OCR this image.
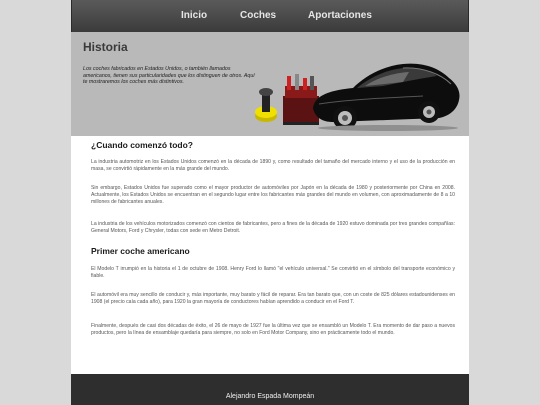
Inicio	Coches	Aportaciones
Historia

Los coches fabricados en Estados Unidos, o también llamados americanos, tienen sus particularidades que los distinguen de otros. Aquí te mostraremos los coches más distintivos.

¿Cuando comenzó todo?

La industria automotriz en los Estados Unidos comenzó en la década de 1890 y, como resultado del tamaño del mercado interno y el uso de la producción en masa, se convirtió rápidamente en la más grande del mundo.

Sin embargo, Estados Unidos fue superado como el mayor productor de automóviles por Japón en la década de 1980 y posteriormente por China en 2008. Actualmente, los Estados Unidos se encuentran en el segundo lugar entre los fabricantes más grandes del mundo en volumen, con aproximadamente de 8 a 10 millones de fabricantes anuales.

La industria de los vehículos motorizados comenzó con cientos de fabricantes, pero a fines de la década de 1920 estuvo dominada por tres grandes compañías: General Motors, Ford y Chrysler, todas con sede en Metro Detroit.

Primer coche americano

El Modelo T irrumpió en la historia el 1 de octubre de 1908. Henry Ford lo llamó "el vehículo universal." Se convirtió en el símbolo del transporte económico y fiable.

El automóvil era muy sencillo de conducir y, más importante, muy barato y fácil de reparar. Era tan barato que, con un coste de 825 dólares estadounidenses en 1908 (el precio caía cada año), para 1920 la gran mayoría de conductores habían aprendido a conducir en el Ford T.

Finalmente, después de casi dos décadas de éxito, el 26 de mayo de 1927 fue la última vez que se ensambló un Modelo T. Era momento de dar paso a nuevos productos, pero la línea de ensamblaje quedaría para siempre, no solo en Ford Motor Company, sino en prácticamente todo el mundo.

Alejandro Espada Mompeán
